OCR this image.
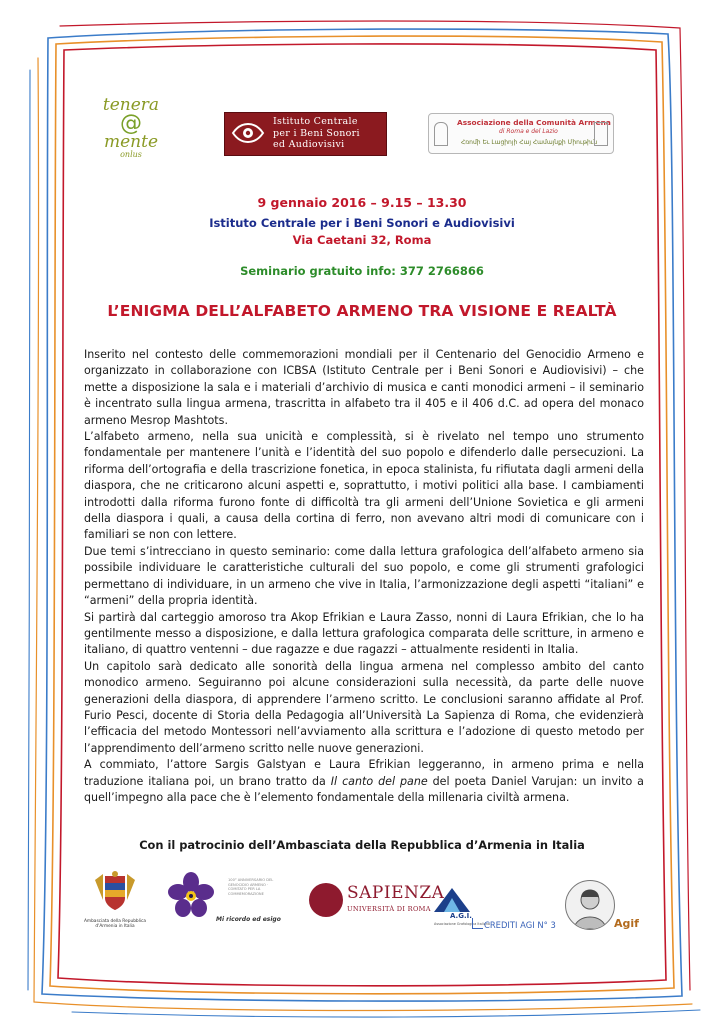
tenera
@
mente
onlus
Istituto Centrale
per i Beni Sonori
ed Audiovisivi
Associazione della Comunità Armena
di Roma e del Lazio
Հռոմի Եւ Լացիոյի Հայ Համայնքի Միութիւն
9 gennaio 2016 – 9.15 – 13.30
Istituto Centrale per i Beni Sonori e Audiovisivi
Via Caetani 32, Roma
Seminario gratuito info: 377 2766866
L’ENIGMA DELL’ALFABETO ARMENO TRA VISIONE E REALTÀ

Inserito nel contesto delle commemorazioni mondiali per il Centenario del Genocidio Armeno e organizzato in collaborazione con ICBSA (Istituto Centrale per i Beni Sonori e Audiovisivi) – che mette a disposizione la sala e i materiali d’archivio di musica e canti monodici armeni – il seminario è incentrato sulla lingua armena, trascritta in alfabeto tra il 405 e il 406 d.C. ad opera del monaco armeno Mesrop Mashtots.

L’alfabeto armeno, nella sua unicità e complessità, si è rivelato nel tempo uno strumento fondamentale per mantenere l’unità e l’identità del suo popolo e difenderlo dalle persecuzioni. La riforma dell’ortografia e della trascrizione fonetica, in epoca stalinista, fu rifiutata dagli armeni della diaspora, che ne criticarono alcuni aspetti e, soprattutto, i motivi politici alla base. I cambiamenti introdotti dalla riforma furono fonte di difficoltà tra gli armeni dell’Unione Sovietica e gli armeni della diaspora i quali, a causa della cortina di ferro, non avevano altri modi di comunicare con i familiari se non con lettere.

Due temi s’intrecciano in questo seminario: come dalla lettura grafologica dell’alfabeto armeno sia possibile individuare le caratteristiche culturali del suo popolo, e come gli strumenti grafologici permettano di individuare, in un armeno che vive in Italia, l’armonizzazione degli aspetti “italiani” e “armeni” della propria identità.

Si partirà dal carteggio amoroso tra Akop Efrikian e Laura Zasso, nonni di Laura Efrikian, che lo ha gentilmente messo a disposizione, e dalla lettura grafologica comparata delle scritture, in armeno e italiano, di quattro ventenni – due ragazze e due ragazzi – attualmente residenti in Italia.

Un capitolo sarà dedicato alle sonorità della lingua armena nel complesso ambito del canto monodico armeno. Seguiranno poi alcune considerazioni sulla necessità, da parte delle nuove generazioni della diaspora, di apprendere l’armeno scritto. Le conclusioni saranno affidate al Prof. Furio Pesci, docente di Storia della Pedagogia all’Università La Sapienza di Roma, che evidenzierà l’efficacia del metodo Montessori nell’avviamento alla scrittura e l’adozione di questo metodo per l’apprendimento dell’armeno scritto nelle nuove generazioni.

A commiato, l’attore Sargis Galstyan e Laura Efrikian leggeranno, in armeno prima e nella traduzione italiana poi, un brano tratto da Il canto del pane del poeta Daniel Varujan: un invito a quell’impegno alla pace che è l’elemento fondamentale della millenaria civiltà armena.

Con il patrocinio dell’Ambasciata della Repubblica d’Armenia in Italia
Ambasciata della Repubblica d'Armenia in Italia
100° ANNIVERSARIO DEL GENOCIDIO ARMENO · COMITATO PER LA COMMEMORAZIONE
Mi ricordo ed esigo
SAPIENZA
UNIVERSITÀ DI ROMA
A.G.I.
Associazione Grafologica Italiana
CREDITI AGI N° 3	Agif
